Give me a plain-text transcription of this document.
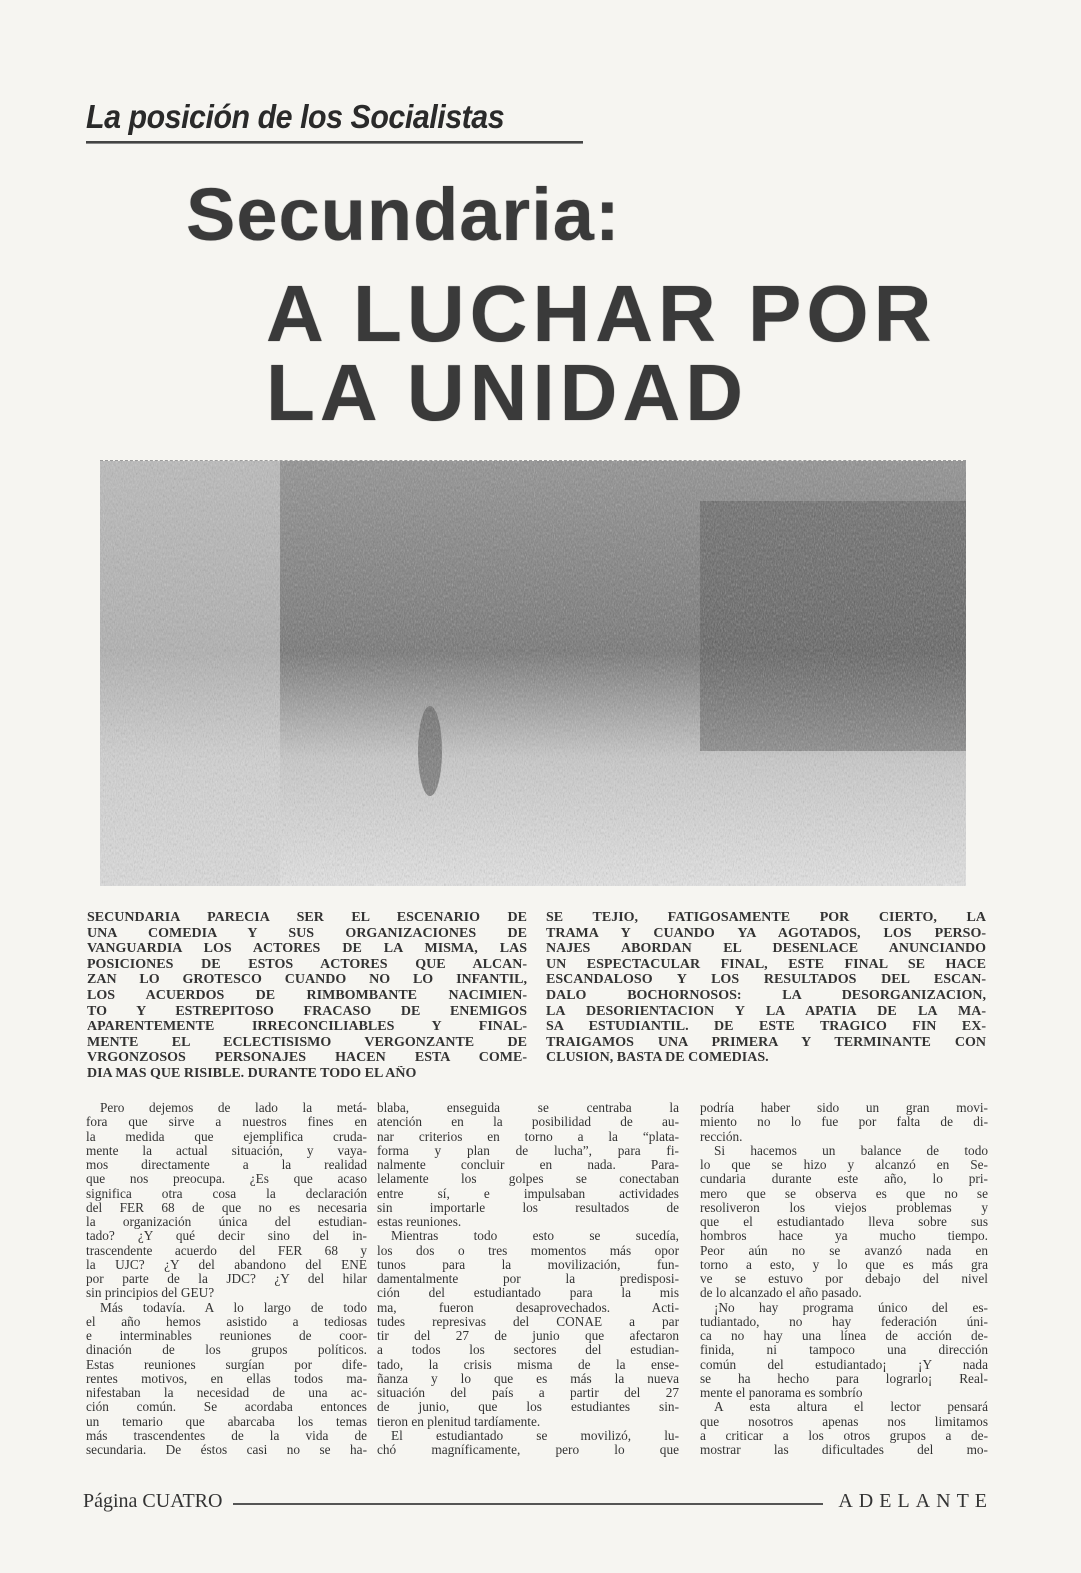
La posición de los Socialistas
Secundaria:
A LUCHAR POR
LA UNIDAD
SECUNDARIA PARECIA SER EL ESCENARIO DE
UNA COMEDIA Y SUS ORGANIZACIONES DE
VANGUARDIA LOS ACTORES DE LA MISMA, LAS
POSICIONES DE ESTOS ACTORES QUE ALCAN-
ZAN LO GROTESCO CUANDO NO LO INFANTIL,
LOS ACUERDOS DE RIMBOMBANTE NACIMIEN-
TO Y ESTREPITOSO FRACASO DE ENEMIGOS
APARENTEMENTE IRRECONCILIABLES Y FINAL-
MENTE EL ECLECTISISMO VERGONZANTE DE
VRGONZOSOS PERSONAJES HACEN ESTA COME-
DIA MAS QUE RISIBLE. DURANTE TODO EL AÑO
SE TEJIO, FATIGOSAMENTE POR CIERTO, LA
TRAMA Y CUANDO YA AGOTADOS, LOS PERSO-
NAJES ABORDAN EL DESENLACE ANUNCIANDO
UN ESPECTACULAR FINAL, ESTE FINAL SE HACE
ESCANDALOSO Y LOS RESULTADOS DEL ESCAN-
DALO BOCHORNOSOS: LA DESORGANIZACION,
LA DESORIENTACION Y LA APATIA DE LA MA-
SA ESTUDIANTIL. DE ESTE TRAGICO FIN EX-
TRAIGAMOS UNA PRIMERA Y TERMINANTE CON
CLUSION, BASTA DE COMEDIAS.
Pero dejemos de lado la metá-
fora que sirve a nuestros fines en
la medida que ejemplifica cruda-
mente la actual situación, y vaya-
mos directamente a la realidad
que nos preocupa. ¿Es que acaso
significa otra cosa la declaración
del FER 68 de que no es necesaria
la organización única del estudian-
tado? ¿Y qué decir sino del in-
trascendente acuerdo del FER 68 y
la UJC? ¿Y del abandono del ENE
por parte de la JDC? ¿Y del hilar
sin principios del GEU?
Más todavía. A lo largo de todo
el año hemos asistido a tediosas
e interminables reuniones de coor-
dinación de los grupos políticos.
Estas reuniones surgían por dife-
rentes motivos, en ellas todos ma-
nifestaban la necesidad de una ac-
ción común. Se acordaba entonces
un temario que abarcaba los temas
más trascendentes de la vida de
secundaria. De éstos casi no se ha-
blaba, enseguida se centraba la
atención en la posibilidad de au-
nar criterios en torno a la “plata-
forma y plan de lucha”, para fi-
nalmente concluir en nada. Para-
lelamente los golpes se conectaban
entre sí, e impulsaban actividades
sin importarle los resultados de
estas reuniones.
Mientras todo esto se sucedía,
los dos o tres momentos más opor
tunos para la movilización, fun-
damentalmente por la predisposi-
ción del estudiantado para la mis
ma, fueron desaprovechados. Acti-
tudes represivas del CONAE a par
tir del 27 de junio que afectaron
a todos los sectores del estudian-
tado, la crisis misma de la ense-
ñanza y lo que es más la nueva
situación del país a partir del 27
de junio, que los estudiantes sin-
tieron en plenitud tardíamente.
El estudiantado se movilizó, lu-
chó magníficamente, pero lo que
podría haber sido un gran movi-
miento no lo fue por falta de di-
rección.
Si hacemos un balance de todo
lo que se hizo y alcanzó en Se-
cundaria durante este año, lo pri-
mero que se observa es que no se
resoliveron los viejos problemas y
que el estudiantado lleva sobre sus
hombros hace ya mucho tiempo.
Peor aún no se avanzó nada en
torno a esto, y lo que es más gra
ve se estuvo por debajo del nivel
de lo alcanzado el año pasado.
¡No hay programa único del es-
tudiantado, no hay federación úni-
ca no hay una línea de acción de-
finida, ni tampoco una dirección
común del estudiantado¡ ¡Y nada
se ha hecho para lograrlo¡ Real-
mente el panorama es sombrío
A esta altura el lector pensará
que nosotros apenas nos limitamos
a criticar a los otros grupos a de-
mostrar las dificultades del mo-
Página CUATRO	ADELANTE
